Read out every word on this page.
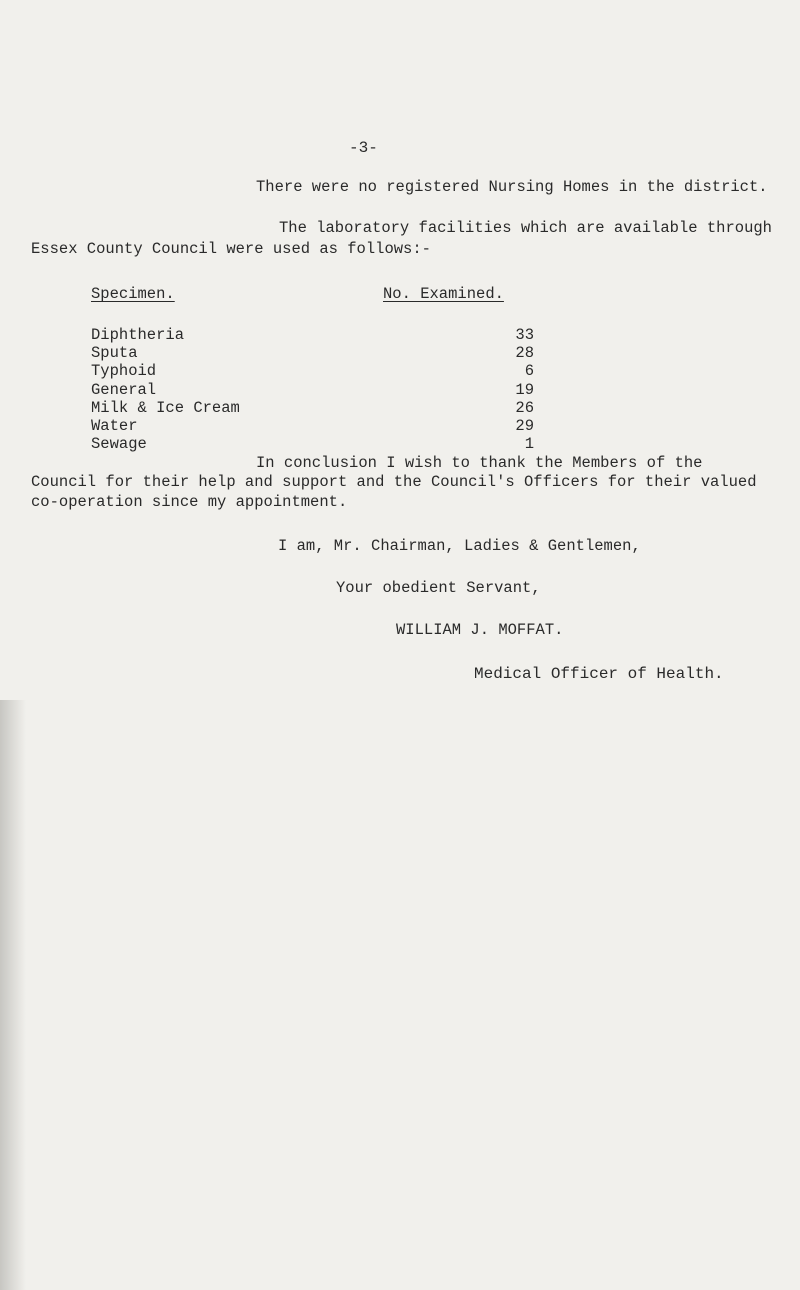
-3-
There were no registered Nursing Homes in the district.
The laboratory facilities which are available through
Essex County Council were used as follows:-
Specimen.	No. Examined.
Diphtheria	33
Sputa	28
Typhoid	6
General	19
Milk & Ice Cream	26
Water	29
Sewage	1
In conclusion I wish to thank the Members of the
Council for their help and support and the Council's Officers for their valued
co-operation since my appointment.
I am, Mr. Chairman, Ladies & Gentlemen,
Your obedient Servant,
WILLIAM J. MOFFAT.
Medical Officer of Health.
